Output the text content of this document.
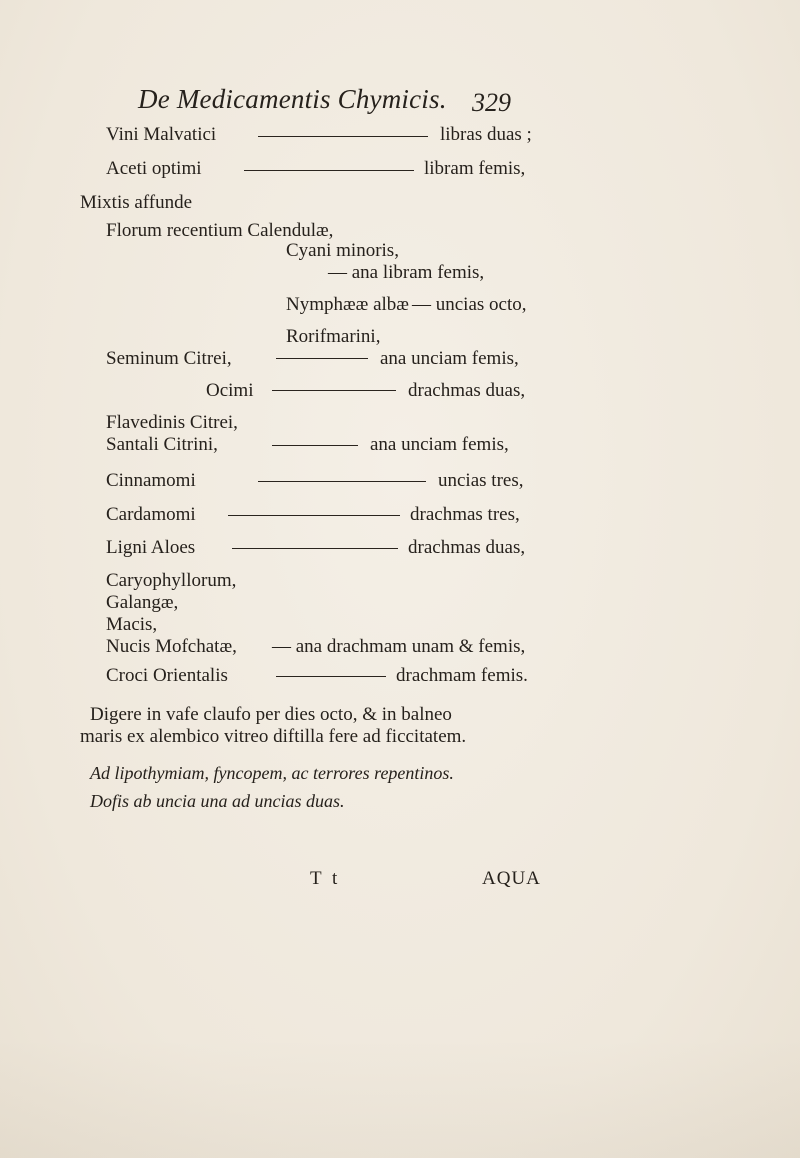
De Medicamentis Chymicis. 329
Vini Malvatici	libras duas ;
Aceti optimi	libram femis,
Mixtis affunde
Florum recentium Calendulæ,
Cyani minoris,
— ana libram femis,
Nymphææ albæ — uncias octo,
Rorifmarini,
Seminum Citrei,	ana unciam femis,
Ocimi	drachmas duas,
Flavedinis Citrei,
Santali Citrini,	ana unciam femis,
Cinnamomi	uncias tres,
Cardamomi	drachmas tres,
Ligni Aloes	drachmas duas,
Caryophyllorum,
Galangæ,
Macis,
Nucis Mofchatæ, — ana drachmam unam & femis,
Croci Orientalis	drachmam femis.
Digere in vafe claufo per dies octo, & in balneo
maris ex alembico vitreo diftilla fere ad ficcitatem.
Ad lipothymiam, fyncopem, ac terrores repentinos.
Dofis ab uncia una ad uncias duas.
T t	AQUA
